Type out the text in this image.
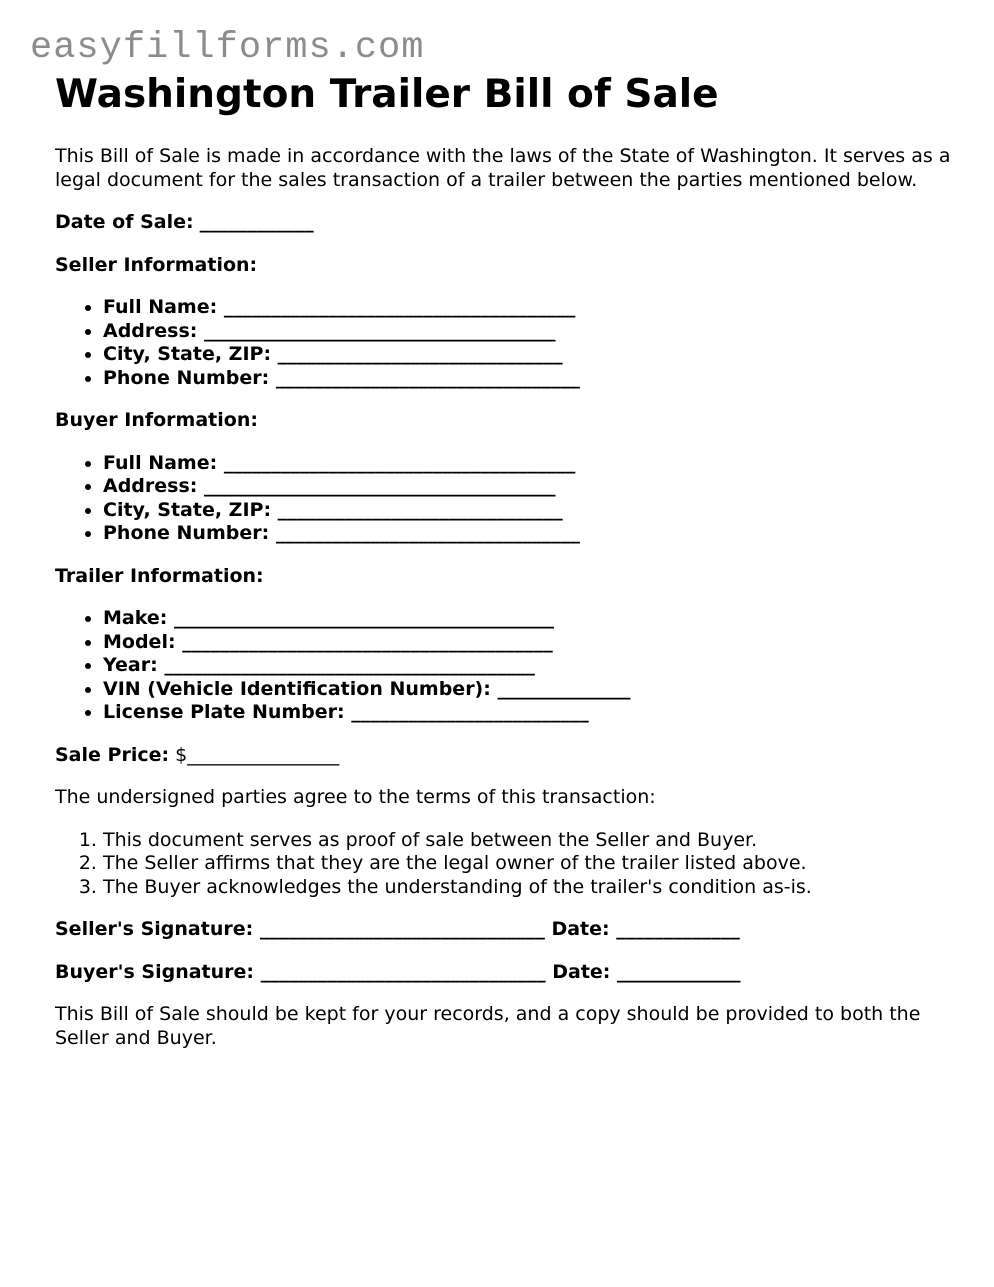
easyfillforms.com
Washington Trailer Bill of Sale

This Bill of Sale is made in accordance with the laws of the State of Washington. It serves as a legal document for the sales transaction of a trailer between the parties mentioned below.

Date of Sale: ____________

Seller Information:

• Full Name: _____________________________________
• Address: _____________________________________
• City, State, ZIP: ______________________________
• Phone Number: ________________________________

Buyer Information:

• Full Name: _____________________________________
• Address: _____________________________________
• City, State, ZIP: ______________________________
• Phone Number: ________________________________

Trailer Information:

• Make: ________________________________________
• Model: _______________________________________
• Year: _______________________________________
• VIN (Vehicle Identification Number): ______________
• License Plate Number: _________________________

Sale Price: $________________

The undersigned parties agree to the terms of this transaction:

1. This document serves as proof of sale between the Seller and Buyer.
2. The Seller affirms that they are the legal owner of the trailer listed above.
3. The Buyer acknowledges the understanding of the trailer's condition as-is.

Seller's Signature: ______________________________ Date: _____________

Buyer's Signature: ______________________________ Date: _____________

This Bill of Sale should be kept for your records, and a copy should be provided to both the Seller and Buyer.
